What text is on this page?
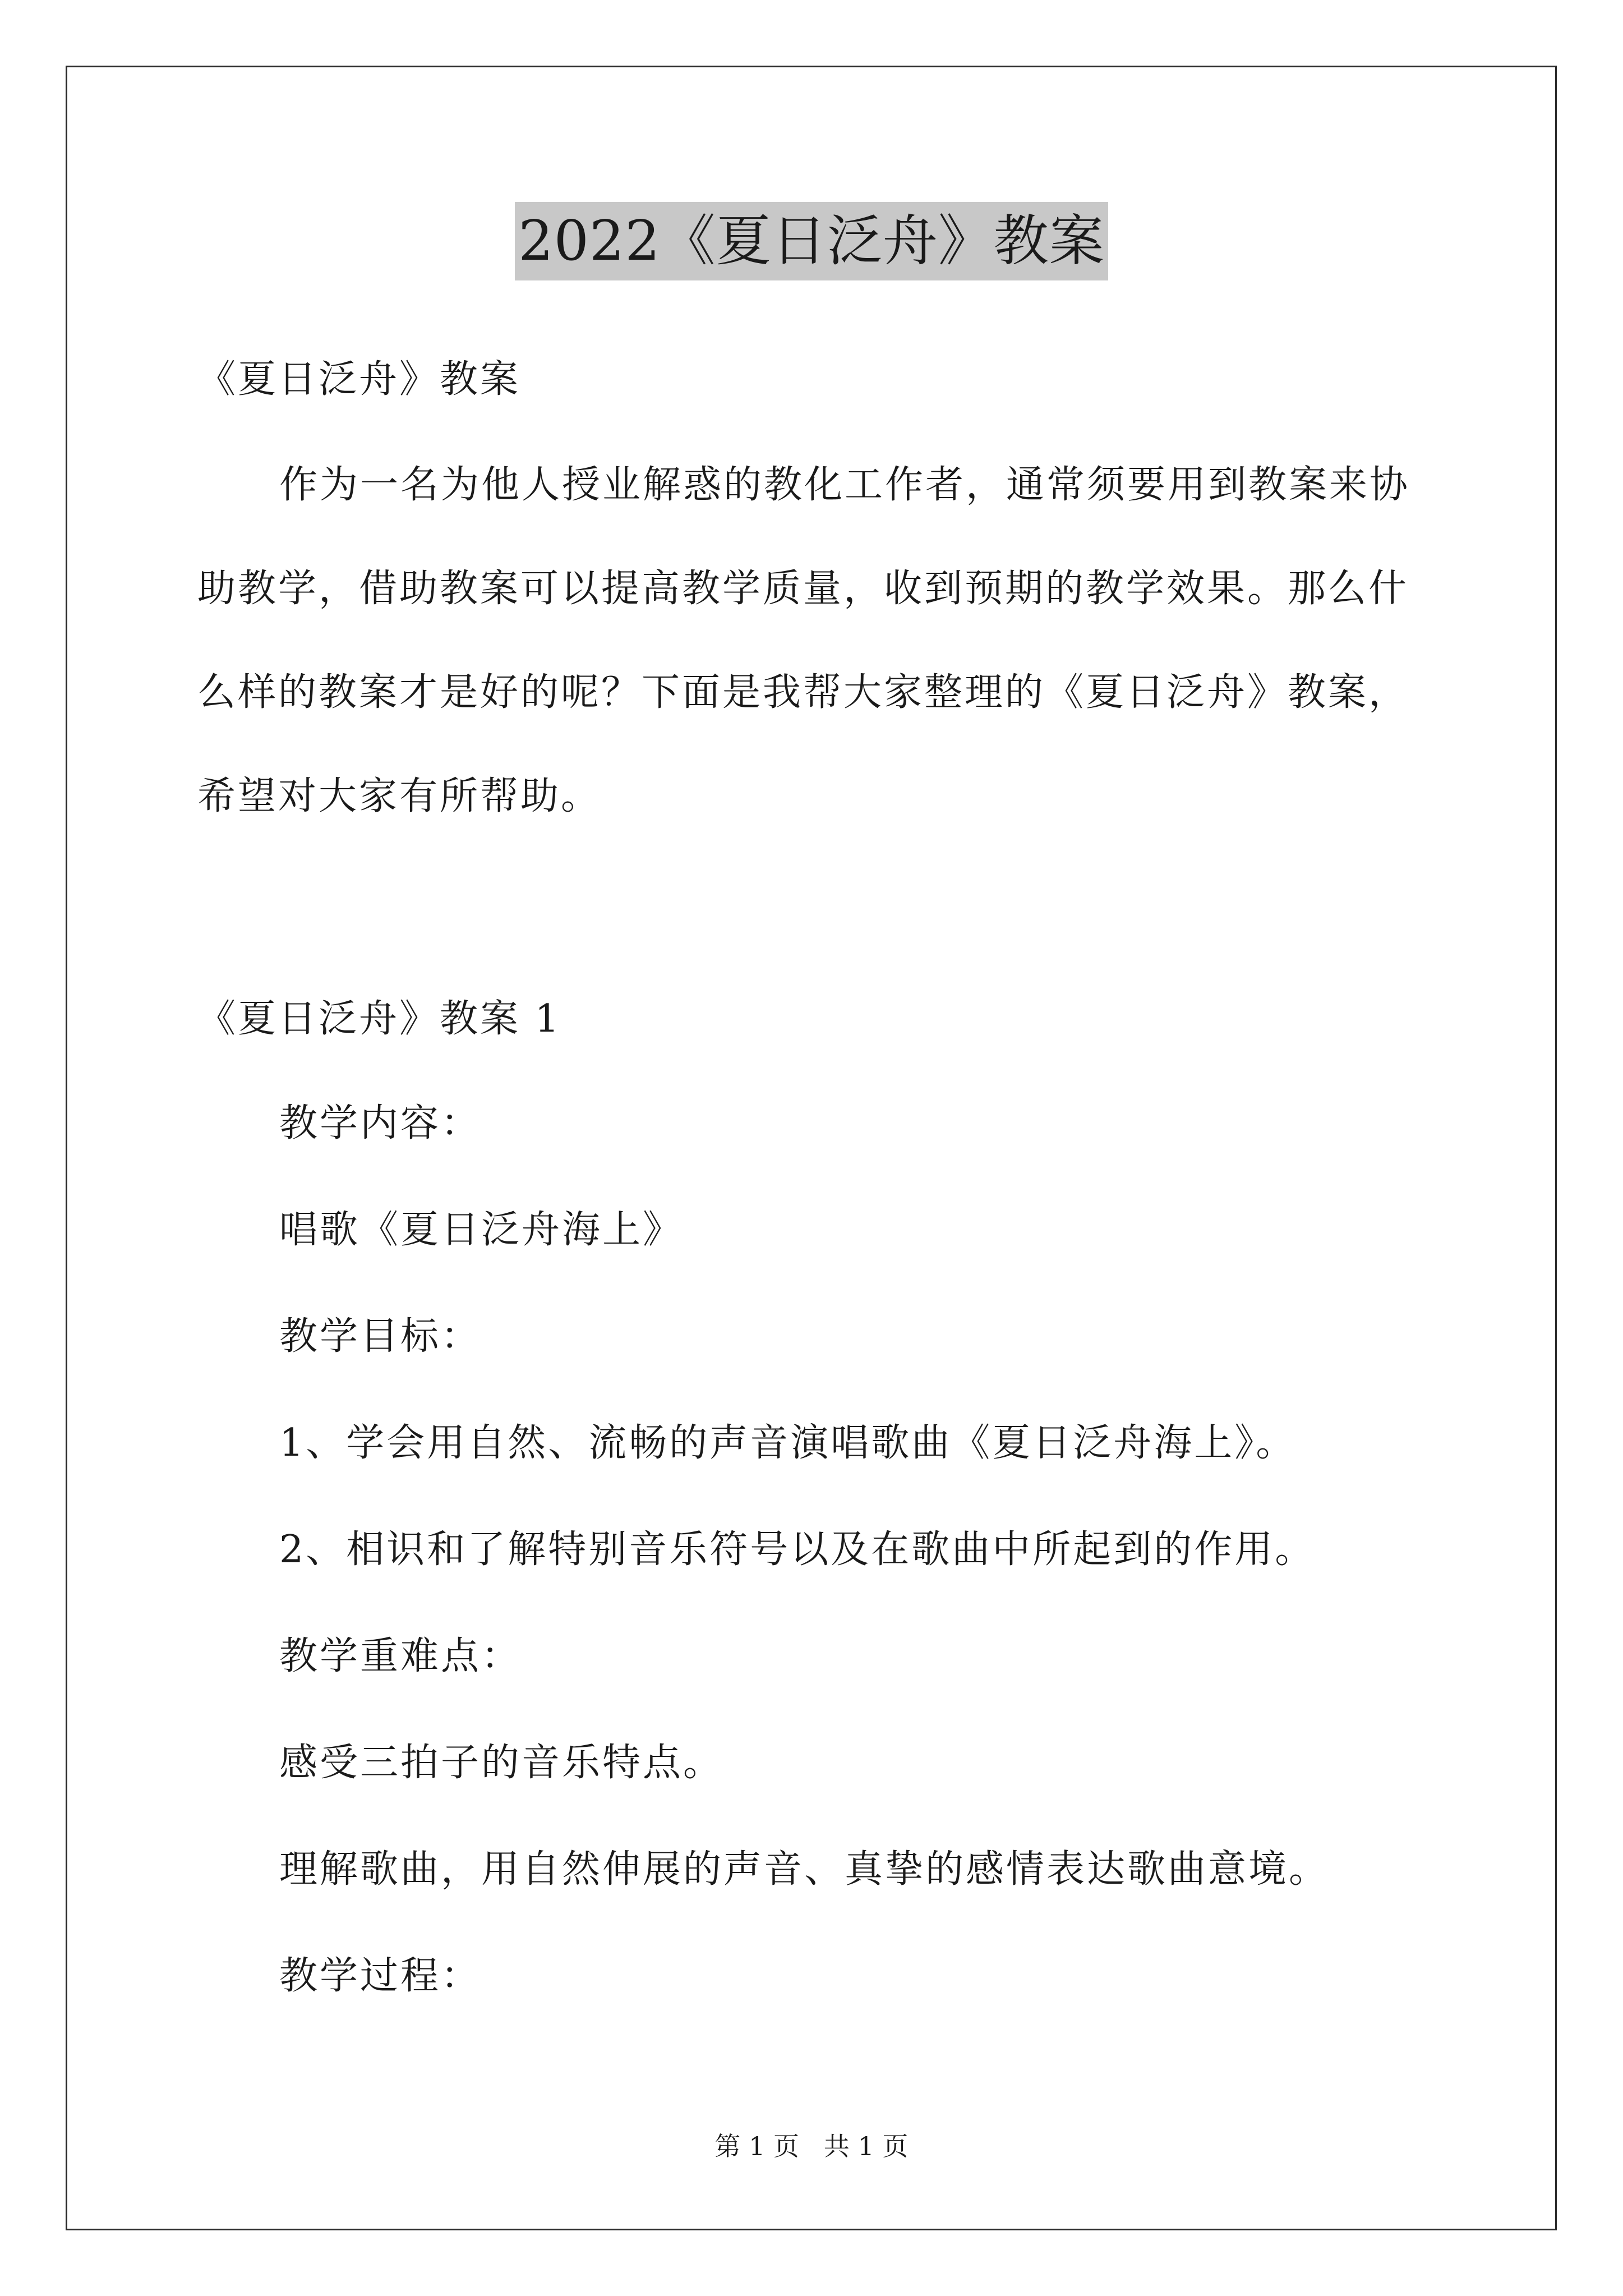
2022《夏日泛舟》教案
《夏日泛舟》教案
作为一名为他人授业解惑的教化工作者，通常须要用到教案来协
助教学，借助教案可以提高教学质量，收到预期的教学效果。那么什
么样的教案才是好的呢？下面是我帮大家整理的《夏日泛舟》教案，
希望对大家有所帮助。
《夏日泛舟》教案 1
教学内容：
唱歌《夏日泛舟海上》
教学目标：
1、学会用自然、流畅的声音演唱歌曲《夏日泛舟海上》。
2、相识和了解特别音乐符号以及在歌曲中所起到的作用。
教学重难点：
感受三拍子的音乐特点。
理解歌曲，用自然伸展的声音、真挚的感情表达歌曲意境。
教学过程：
第 1 页   共 1 页
